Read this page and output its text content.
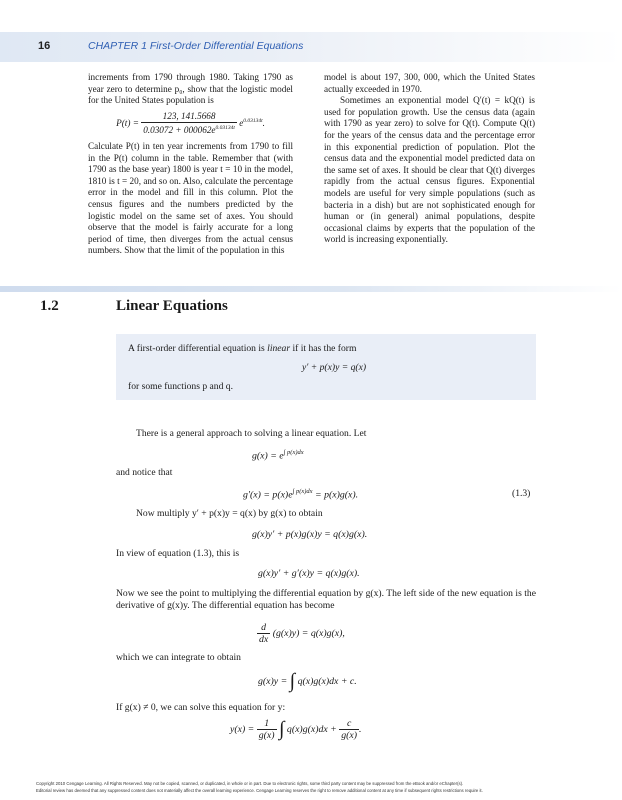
16	CHAPTER 1 First-Order Differential Equations

increments from 1790 through 1980. Taking 1790 as year zero to determine p₀, show that the logistic model for the United States population is

$P(t) = \frac{123, 141.5668}{0.03072 + 000062e^{0.03134t}} e^{0.03134t}$.

Calculate P(t) in ten year increments from 1790 to fill in the P(t) column in the table. Remember that (with 1790 as the base year) 1800 is year t = 10 in the model, 1810 is t = 20, and so on. Also, calculate the percentage error in the model and fill in this column. Plot the census figures and the numbers predicted by the logistic model on the same set of axes. You should observe that the model is fairly accurate for a long period of time, then diverges from the actual census numbers. Show that the limit of the population in this

model is about 197, 300, 000, which the United States actually exceeded in 1970.

Sometimes an exponential model Q′(t) = kQ(t) is used for population growth. Use the census data (again with 1790 as year zero) to solve for Q(t). Compute Q(t) for the years of the census data and the percentage error in this exponential prediction of population. Plot the census data and the exponential model predicted data on the same set of axes. It should be clear that Q(t) diverges rapidly from the actual census figures. Exponential models are useful for very simple populations (such as bacteria in a dish) but are not sophisticated enough for human or (in general) animal populations, despite occasional claims by experts that the population of the world is increasing exponentially.

1.2	Linear Equations
A first-order differential equation is linear if it has the form
y′ + p(x)y = q(x)
for some functions p and q.
There is a general approach to solving a linear equation. Let
$g(x) = e^{\int p(x)dx}$
and notice that
$g'(x) = p(x)e^{\int p(x)dx} = p(x)g(x)$.	(1.3)
Now multiply y′ + p(x)y = q(x) by g(x) to obtain
g(x)y′ + p(x)g(x)y = q(x)g(x).
In view of equation (1.3), this is
g(x)y′ + g′(x)y = q(x)g(x).
Now we see the point to multiplying the differential equation by g(x). The left side of the new equation is the derivative of g(x)y. The differential equation has become
$\frac{d}{dx} (g(x)y) = q(x)g(x)$,
which we can integrate to obtain
g(x)y = ∫ q(x)g(x)dx + c.
If g(x) ≠ 0, we can solve this equation for y:
$y(x) = \frac{1}{g(x)}$ ∫ $q(x)g(x)dx + \frac{c}{g(x)}$ .
Copyright 2010 Cengage Learning. All Rights Reserved. May not be copied, scanned, or duplicated, in whole or in part. Due to electronic rights, some third party content may be suppressed from the eBook and/or eChapter(s).
Editorial review has deemed that any suppressed content does not materially affect the overall learning experience. Cengage Learning reserves the right to remove additional content at any time if subsequent rights restrictions require it.
